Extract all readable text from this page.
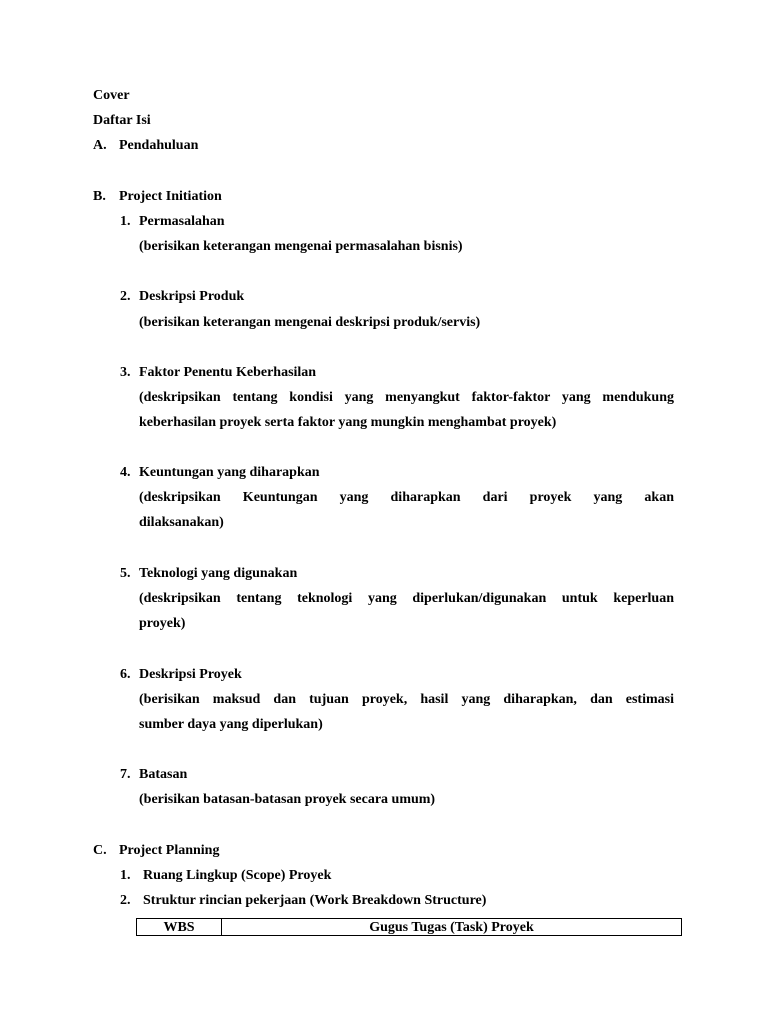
Cover
Daftar Isi
A. Pendahuluan
B. Project Initiation
1. Permasalahan
(berisikan keterangan mengenai permasalahan bisnis)
2. Deskripsi Produk
(berisikan keterangan mengenai deskripsi produk/servis)
3. Faktor Penentu Keberhasilan
(deskripsikan tentang kondisi yang menyangkut faktor-faktor yang mendukung
keberhasilan proyek serta faktor yang mungkin menghambat proyek)
4. Keuntungan yang diharapkan
(deskripsikan Keuntungan yang diharapkan dari proyek yang akan
dilaksanakan)
5. Teknologi yang digunakan
(deskripsikan tentang teknologi yang diperlukan/digunakan untuk keperluan
proyek)
6. Deskripsi Proyek
(berisikan maksud dan tujuan proyek, hasil yang diharapkan, dan estimasi
sumber daya yang diperlukan)
7. Batasan
(berisikan batasan-batasan proyek secara umum)
C. Project Planning
1. Ruang Lingkup (Scope) Proyek
2. Struktur rincian pekerjaan (Work Breakdown Structure)
WBS	Gugus Tugas (Task) Proyek
